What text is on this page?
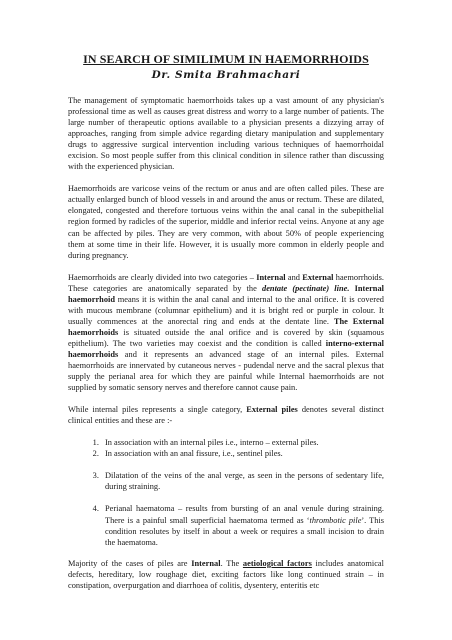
IN SEARCH OF SIMILIMUM IN HAEMORRHOIDS
Dr. Smita Brahmachari

The management of symptomatic haemorrhoids takes up a vast amount of any physician's professional time as well as causes great distress and worry to a large number of patients. The large number of therapeutic options available to a physician presents a dizzying array of approaches, ranging from simple advice regarding dietary manipulation and supplementary drugs to aggressive surgical intervention including various techniques of haemorrhoidal excision. So most people suffer from this clinical condition in silence rather than discussing with the experienced physician.

Haemorrhoids are varicose veins of the rectum or anus and are often called piles. These are actually enlarged bunch of blood vessels in and around the anus or rectum. These are dilated, elongated, congested and therefore tortuous veins within the anal canal in the subepithelial region formed by radicles of the superior, middle and inferior rectal veins. Anyone at any age can be affected by piles. They are very common, with about 50% of people experiencing them at some time in their life. However, it is usually more common in elderly people and during pregnancy.

Haemorrhoids are clearly divided into two categories – Internal and External haemorrhoids. These categories are anatomically separated by the dentate (pectinate) line. Internal haemorrhoid means it is within the anal canal and internal to the anal orifice. It is covered with mucous membrane (columnar epithelium) and it is bright red or purple in colour. It usually commences at the anorectal ring and ends at the dentate line. The External haemorrhoids is situated outside the anal orifice and is covered by skin (squamous epithelium). The two varieties may coexist and the condition is called interno-external haemorrhoids and it represents an advanced stage of an internal piles. External haemorrhoids are innervated by cutaneous nerves - pudendal nerve and the sacral plexus that supply the perianal area for which they are painful while Internal haemorrhoids are not supplied by somatic sensory nerves and therefore cannot cause pain.

While internal piles represents a single category, External piles denotes several distinct clinical entities and these are :-

1. In association with an internal piles i.e., interno – external piles.
2. In association with an anal fissure, i.e., sentinel piles.
3. Dilatation of the veins of the anal verge, as seen in the persons of sedentary life, during straining.
4. Perianal haematoma – results from bursting of an anal venule during straining. There is a painful small superficial haematoma termed as ‘thrombotic pile’. This condition resolutes by itself in about a week or requires a small incision to drain the haematoma.

Majority of the cases of piles are Internal. The aetiological factors includes anatomical defects, hereditary, low roughage diet, exciting factors like long continued strain – in constipation, overpurgation and diarrhoea of colitis, dysentery, enteritis etc
